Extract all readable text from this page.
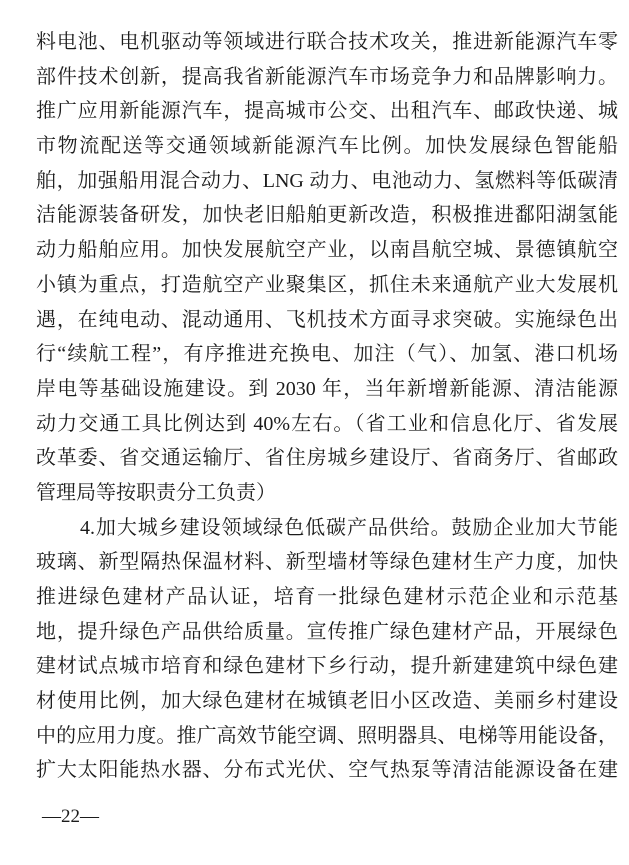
料电池、电机驱动等领域进行联合技术攻关，推进新能源汽车零
部件技术创新，提高我省新能源汽车市场竞争力和品牌影响力。
推广应用新能源汽车，提高城市公交、出租汽车、邮政快递、城
市物流配送等交通领域新能源汽车比例。加快发展绿色智能船
舶，加强船用混合动力、LNG 动力、电池动力、氢燃料等低碳清
洁能源装备研发，加快老旧船舶更新改造，积极推进鄱阳湖氢能
动力船舶应用。加快发展航空产业，以南昌航空城、景德镇航空
小镇为重点，打造航空产业聚集区，抓住未来通航产业大发展机
遇，在纯电动、混动通用、飞机技术方面寻求突破。实施绿色出
行“续航工程”，有序推进充换电、加注（气）、加氢、港口机场
岸电等基础设施建设。到 2030 年，当年新增新能源、清洁能源
动力交通工具比例达到 40%左右。（省工业和信息化厅、省发展
改革委、省交通运输厅、省住房城乡建设厅、省商务厅、省邮政
管理局等按职责分工负责）
4.加大城乡建设领域绿色低碳产品供给。鼓励企业加大节能
玻璃、新型隔热保温材料、新型墙材等绿色建材生产力度，加快
推进绿色建材产品认证，培育一批绿色建材示范企业和示范基
地，提升绿色产品供给质量。宣传推广绿色建材产品，开展绿色
建材试点城市培育和绿色建材下乡行动，提升新建建筑中绿色建
材使用比例，加大绿色建材在城镇老旧小区改造、美丽乡村建设
中的应用力度。推广高效节能空调、照明器具、电梯等用能设备，
扩大太阳能热水器、分布式光伏、空气热泵等清洁能源设备在建
—22—
